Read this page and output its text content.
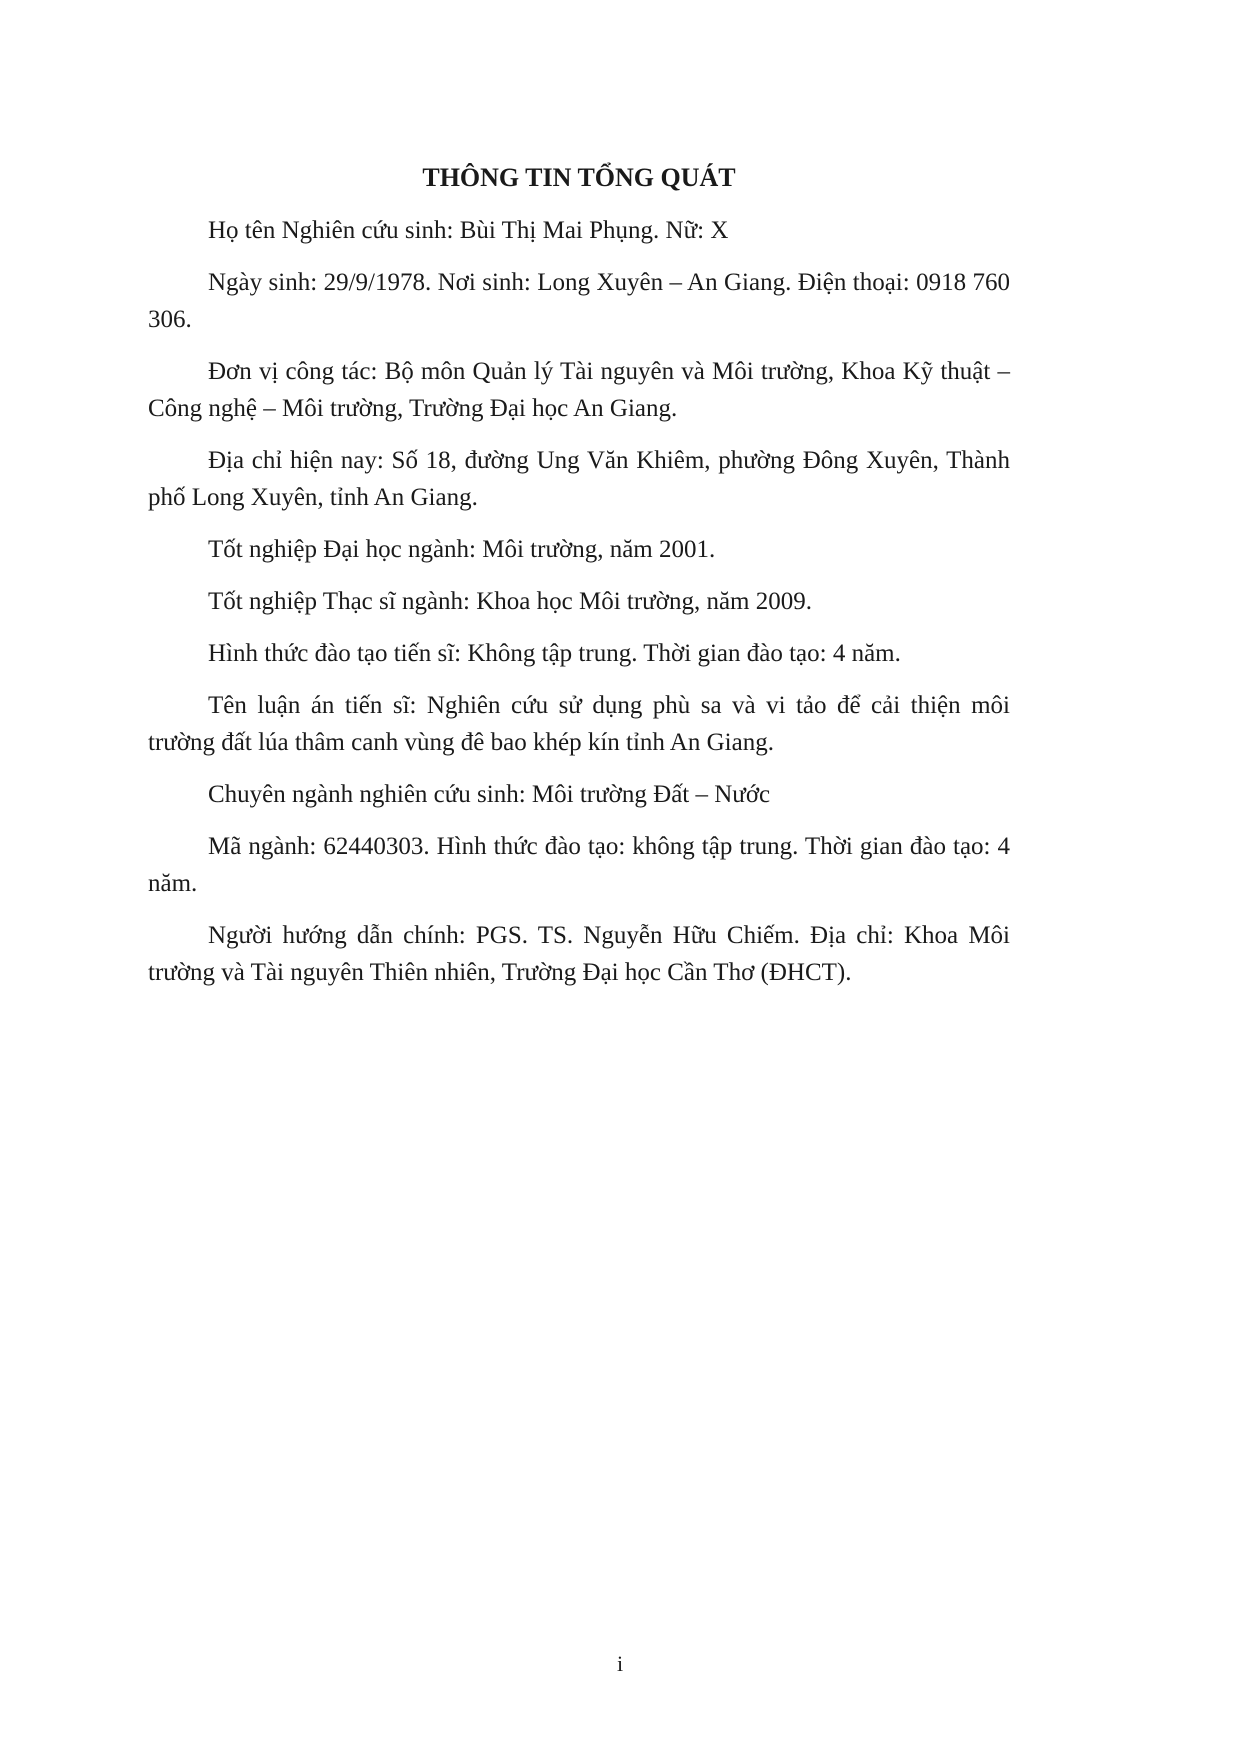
THÔNG TIN TỔNG QUÁT

Họ tên Nghiên cứu sinh: Bùi Thị Mai Phụng. Nữ: X

Ngày sinh: 29/9/1978. Nơi sinh: Long Xuyên – An Giang. Điện thoại: 0918 760 306.

Đơn vị công tác: Bộ môn Quản lý Tài nguyên và Môi trường, Khoa Kỹ thuật – Công nghệ – Môi trường, Trường Đại học An Giang.

Địa chỉ hiện nay: Số 18, đường Ung Văn Khiêm, phường Đông Xuyên, Thành phố Long Xuyên, tỉnh An Giang.

Tốt nghiệp Đại học ngành: Môi trường, năm 2001.

Tốt nghiệp Thạc sĩ ngành: Khoa học Môi trường, năm 2009.

Hình thức đào tạo tiến sĩ: Không tập trung. Thời gian đào tạo: 4 năm.

Tên luận án tiến sĩ: Nghiên cứu sử dụng phù sa và vi tảo để cải thiện môi trường đất lúa thâm canh vùng đê bao khép kín tỉnh An Giang.

Chuyên ngành nghiên cứu sinh: Môi trường Đất – Nước

Mã ngành: 62440303. Hình thức đào tạo: không tập trung. Thời gian đào tạo: 4 năm.

Người hướng dẫn chính: PGS. TS. Nguyễn Hữu Chiếm. Địa chỉ: Khoa Môi trường và Tài nguyên Thiên nhiên, Trường Đại học Cần Thơ (ĐHCT).

i
